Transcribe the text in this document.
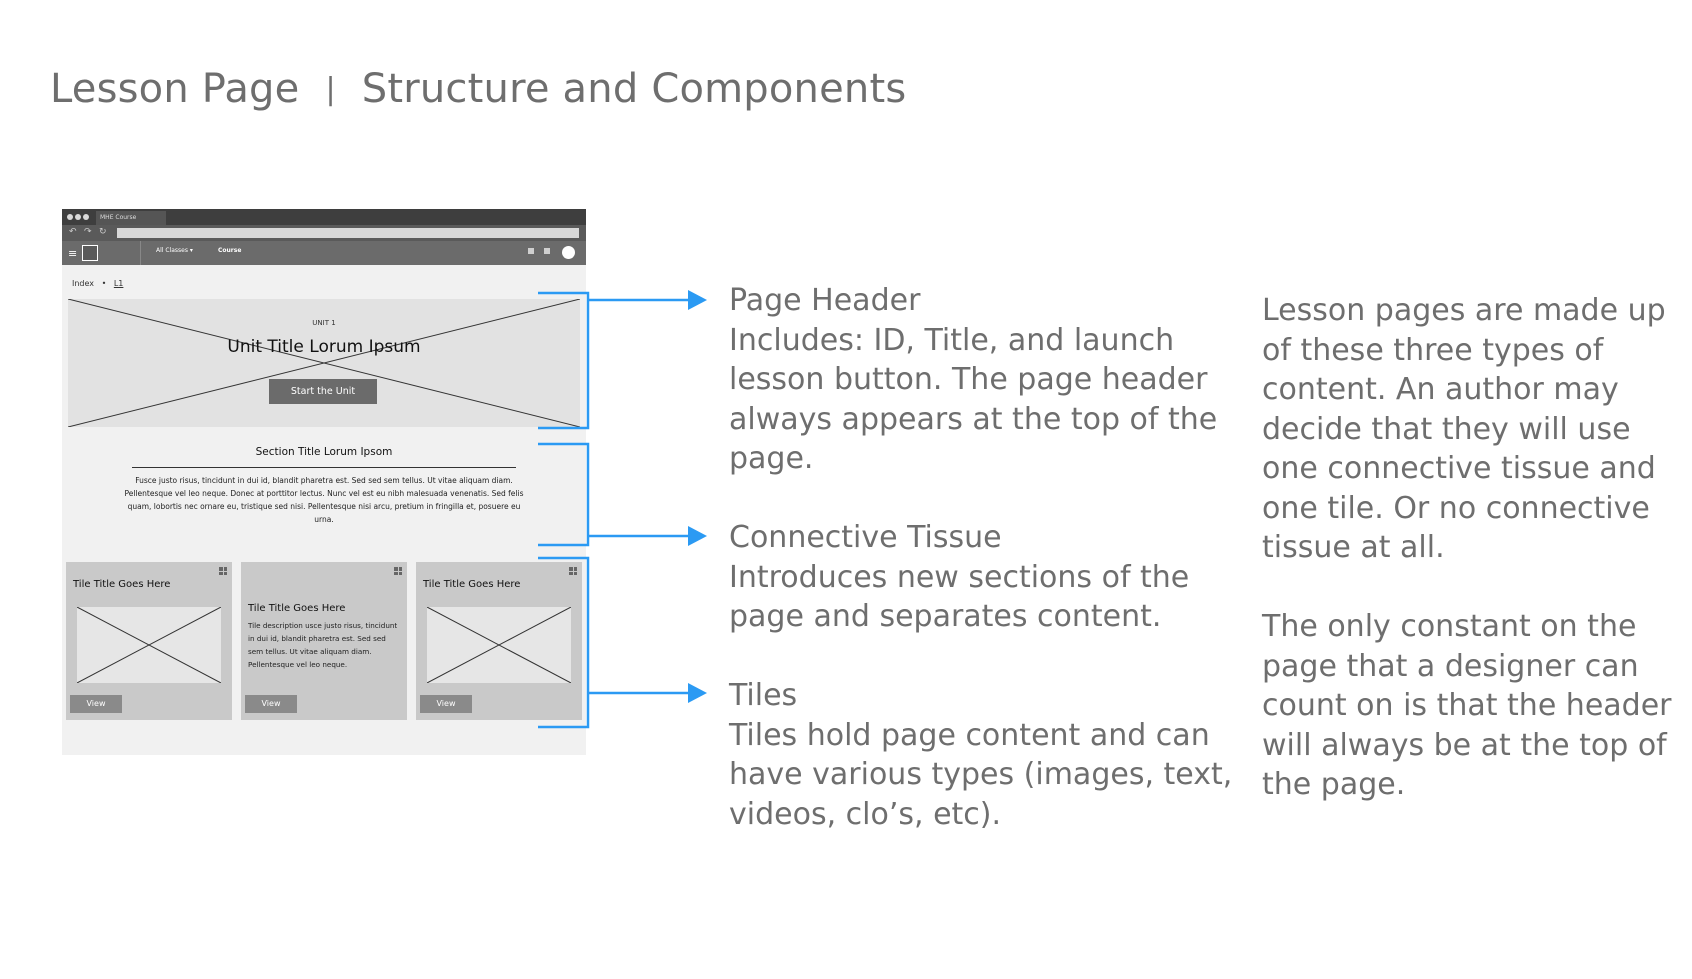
Lesson Page | Structure and Components
MHE Course
↶ ↷ ↻
≡	All Classes ▾	Course
Index • L1
UNIT 1
Unit Title Lorum Ipsum
Start the Unit
Section Title Lorum Ipsom
Fusce justo risus, tincidunt in dui id, blandit pharetra est. Sed sed sem tellus. Ut vitae aliquam diam. Pellentesque vel leo neque. Donec at porttitor lectus. Nunc vel est eu nibh malesuada venenatis. Sed felis quam, lobortis nec ornare eu, tristique sed nisi. Pellentesque nisi arcu, pretium in fringilla et, posuere eu urna.
Tile Title Goes Here
View
Tile Title Goes Here
Tile description usce justo risus, tincidunt in dui id, blandit pharetra est. Sed sed sem tellus. Ut vitae aliquam diam. Pellentesque vel leo neque.
View
Tile Title Goes Here
View
Page Header
Includes: ID, Title, and launch lesson button. The page header always appears at the top of the page.
Connective Tissue
Introduces new sections of the page and separates content.
Tiles
Tiles hold page content and can have various types (images, text, videos, clo’s, etc).

Lesson pages are made up of these three types of content. An author may decide that they will use one connective tissue and one tile. Or no connective tissue at all.

The only constant on the page that a designer can count on is that the header will always be at the top of the page.
